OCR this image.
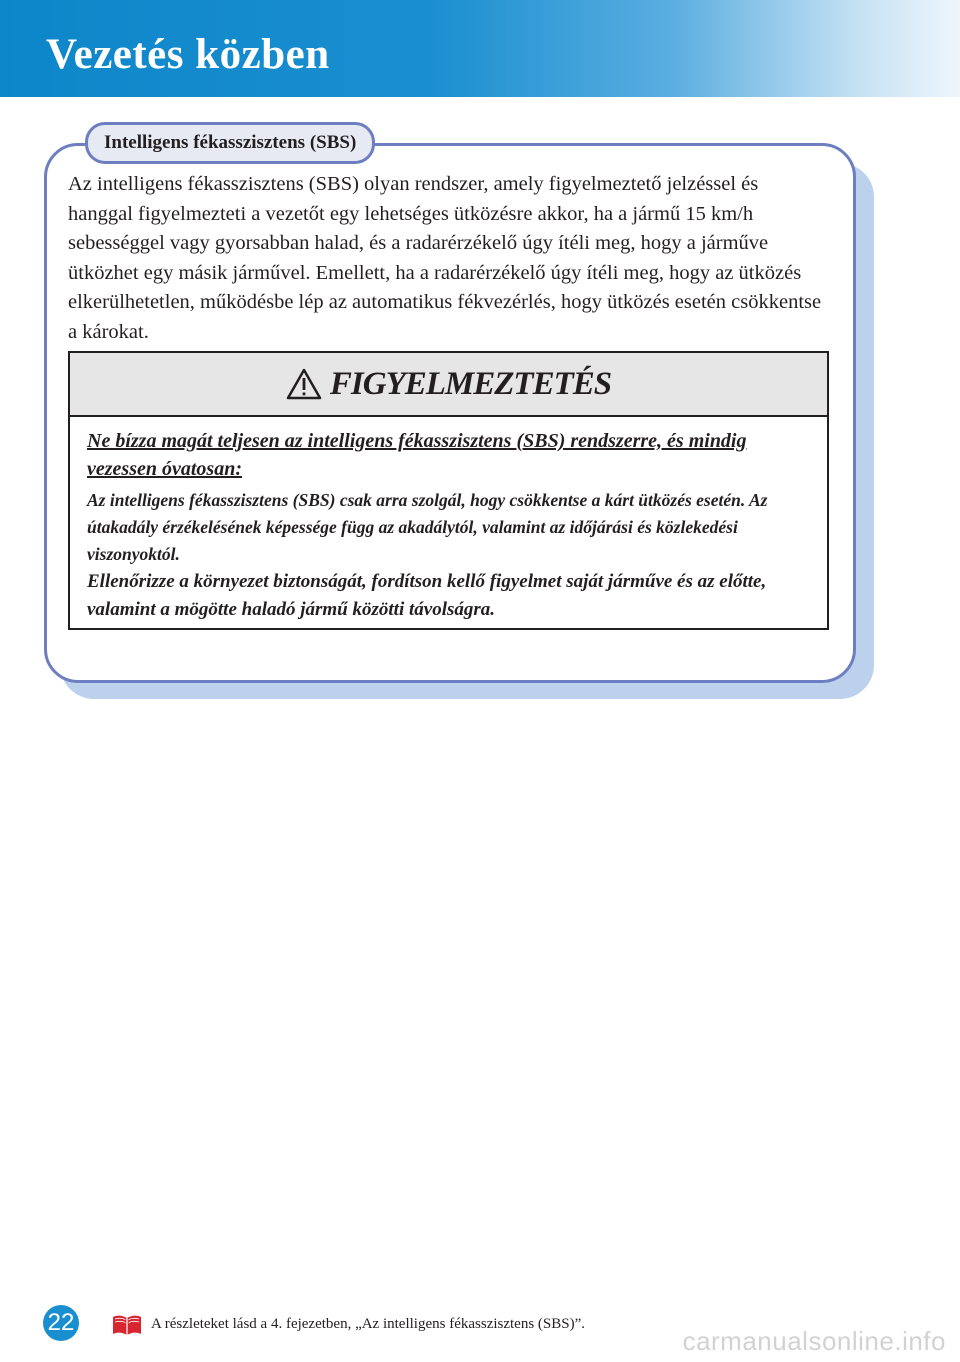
Vezetés közben
Intelligens fékasszisztens (SBS)

Az intelligens fékasszisztens (SBS) olyan rendszer, amely figyelmeztető jelzéssel és hanggal figyelmezteti a vezetőt egy lehetséges ütközésre akkor, ha a jármű 15 km/h sebességgel vagy gyorsabban halad, és a radarérzékelő úgy ítéli meg, hogy a járműve ütközhet egy másik járművel. Emellett, ha a radarérzékelő úgy ítéli meg, hogy az ütközés elkerülhetetlen, működésbe lép az automatikus fékvezérlés, hogy ütközés esetén csökkentse a károkat.

FIGYELMEZTETÉS

Ne bízza magát teljesen az intelligens fékasszisztens (SBS) rendszerre, és mindig vezessen óvatosan:

Az intelligens fékasszisztens (SBS) csak arra szolgál, hogy csökkentse a kárt ütközés esetén. Az útakadály érzékelésének képessége függ az akadálytól, valamint az időjárási és közlekedési viszonyoktól.

Ellenőrizze a környezet biztonságát, fordítson kellő figyelmet saját járműve és az előtte, valamint a mögötte haladó jármű közötti távolságra.

22	A részleteket lásd a 4. fejezetben, „Az intelligens fékasszisztens (SBS)”.
carmanualsonline.info
